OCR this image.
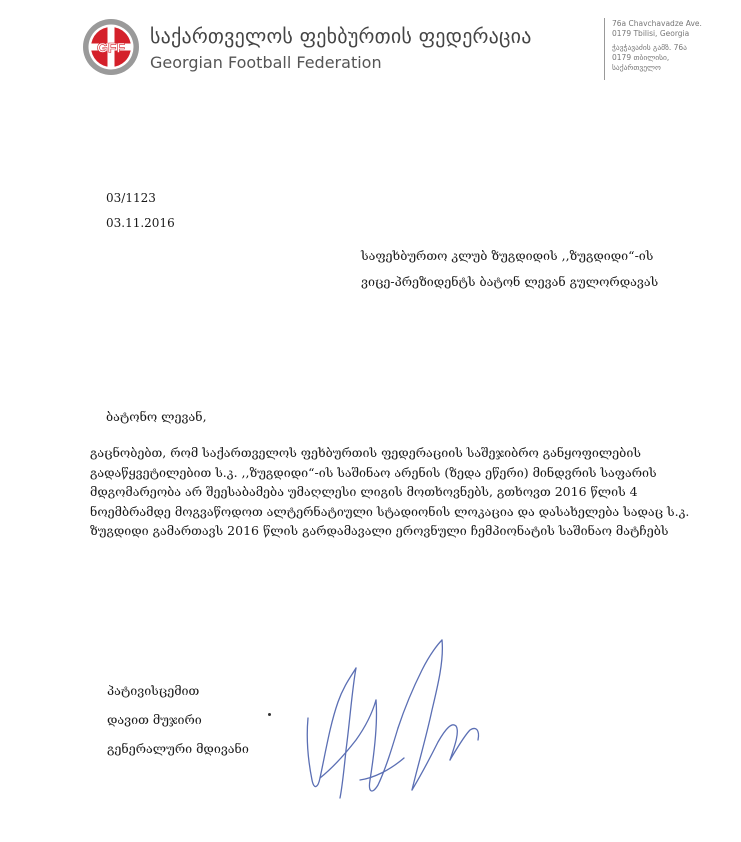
GFF საქართველოს ფეხბურთის ფედერაცია
Georgian Football Federation
76a Chavchavadze Ave.
0179 Tbilisi, Georgia
ჭავჭავაძის გამზ. 76ა
0179 თბილისი,
საქართველო
03/1123
03.11.2016
საფეხბურთო კლუბ ზუგდიდის ,,ზუგდიდი“-ის
ვიცე-პრეზიდენტს ბატონ ლევან გულორდავას
ბატონო ლევან,
გაცნობებთ, რომ საქართველოს ფეხბურთის ფედერაციის საშეჯიბრო განყოფილების
გადაწყვეტილებით ს.კ. ,,ზუგდიდი“-ის საშინაო არენის (ზედა ეწერი) მინდვრის საფარის
მდგომარეობა არ შეესაბამება უმაღლესი ლიგის მოთხოვნებს, გთხოვთ 2016 წლის 4
ნოემბრამდე მოგვაწოდოთ ალტერნატიული სტადიონის ლოკაცია და დასახელება სადაც ს.კ.
ზუგდიდი გამართავს 2016 წლის გარდამავალი ეროვნული ჩემპიონატის საშინაო მატჩებს
პატივისცემით
დავით მუჯირი
გენერალური მდივანი
